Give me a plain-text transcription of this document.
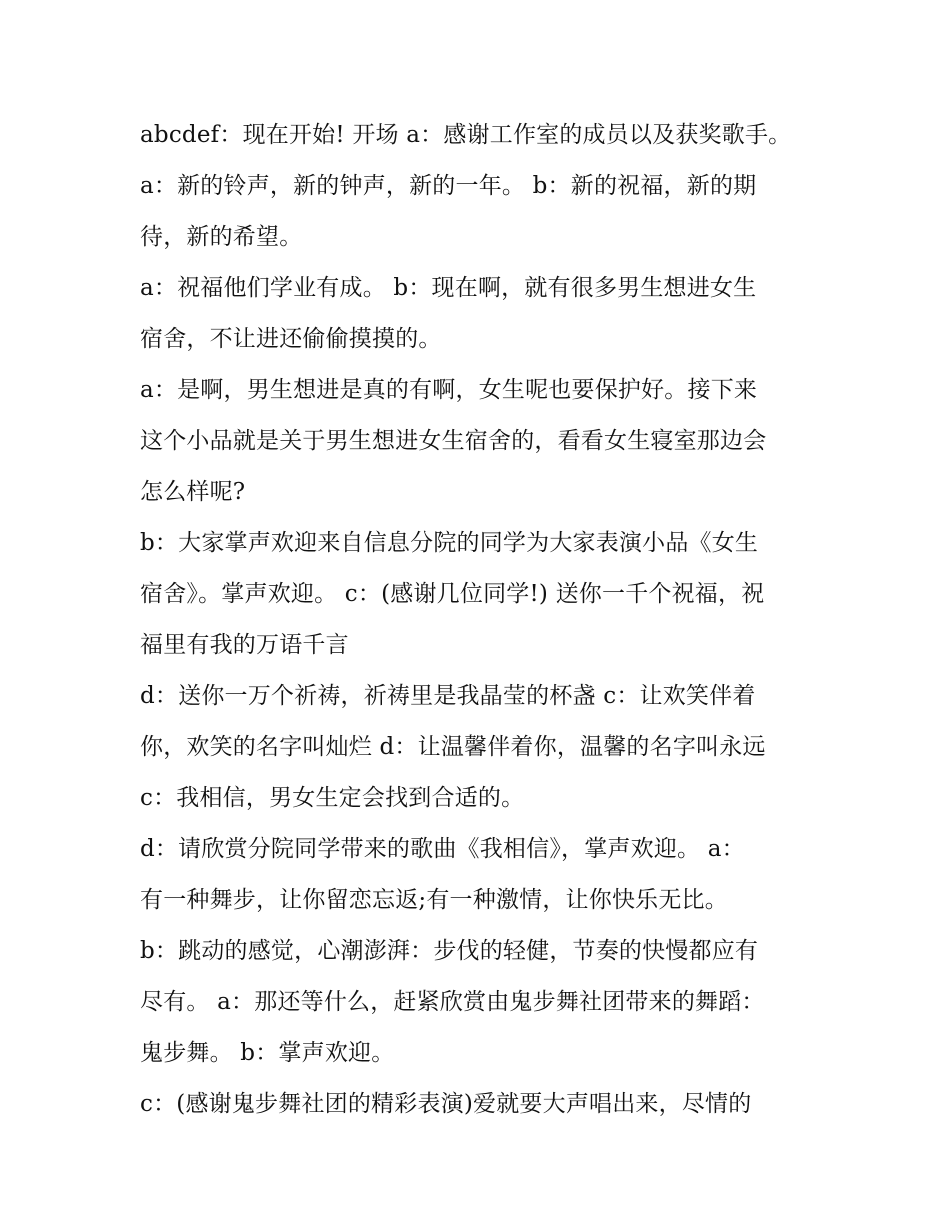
abcdef：现在开始! 开场 a：感谢工作室的成员以及获奖歌手。
a：新的铃声，新的钟声，新的一年。 b：新的祝福，新的期
待，新的希望。
a：祝福他们学业有成。 b：现在啊，就有很多男生想进女生
宿舍，不让进还偷偷摸摸的。
a：是啊，男生想进是真的有啊，女生呢也要保护好。接下来
这个小品就是关于男生想进女生宿舍的，看看女生寝室那边会
怎么样呢?
b：大家掌声欢迎来自信息分院的同学为大家表演小品《女生
宿舍》。掌声欢迎。 c：(感谢几位同学!) 送你一千个祝福，祝
福里有我的万语千言
d：送你一万个祈祷，祈祷里是我晶莹的杯盏 c：让欢笑伴着
你，欢笑的名字叫灿烂 d：让温馨伴着你，温馨的名字叫永远
c：我相信，男女生定会找到合适的。
d：请欣赏分院同学带来的歌曲《我相信》，掌声欢迎。 a：
有一种舞步，让你留恋忘返;有一种激情，让你快乐无比。
b：跳动的感觉，心潮澎湃：步伐的轻健，节奏的快慢都应有
尽有。 a：那还等什么，赶紧欣赏由鬼步舞社团带来的舞蹈：
鬼步舞。 b：掌声欢迎。
c：(感谢鬼步舞社团的精彩表演)爱就要大声唱出来，尽情的
